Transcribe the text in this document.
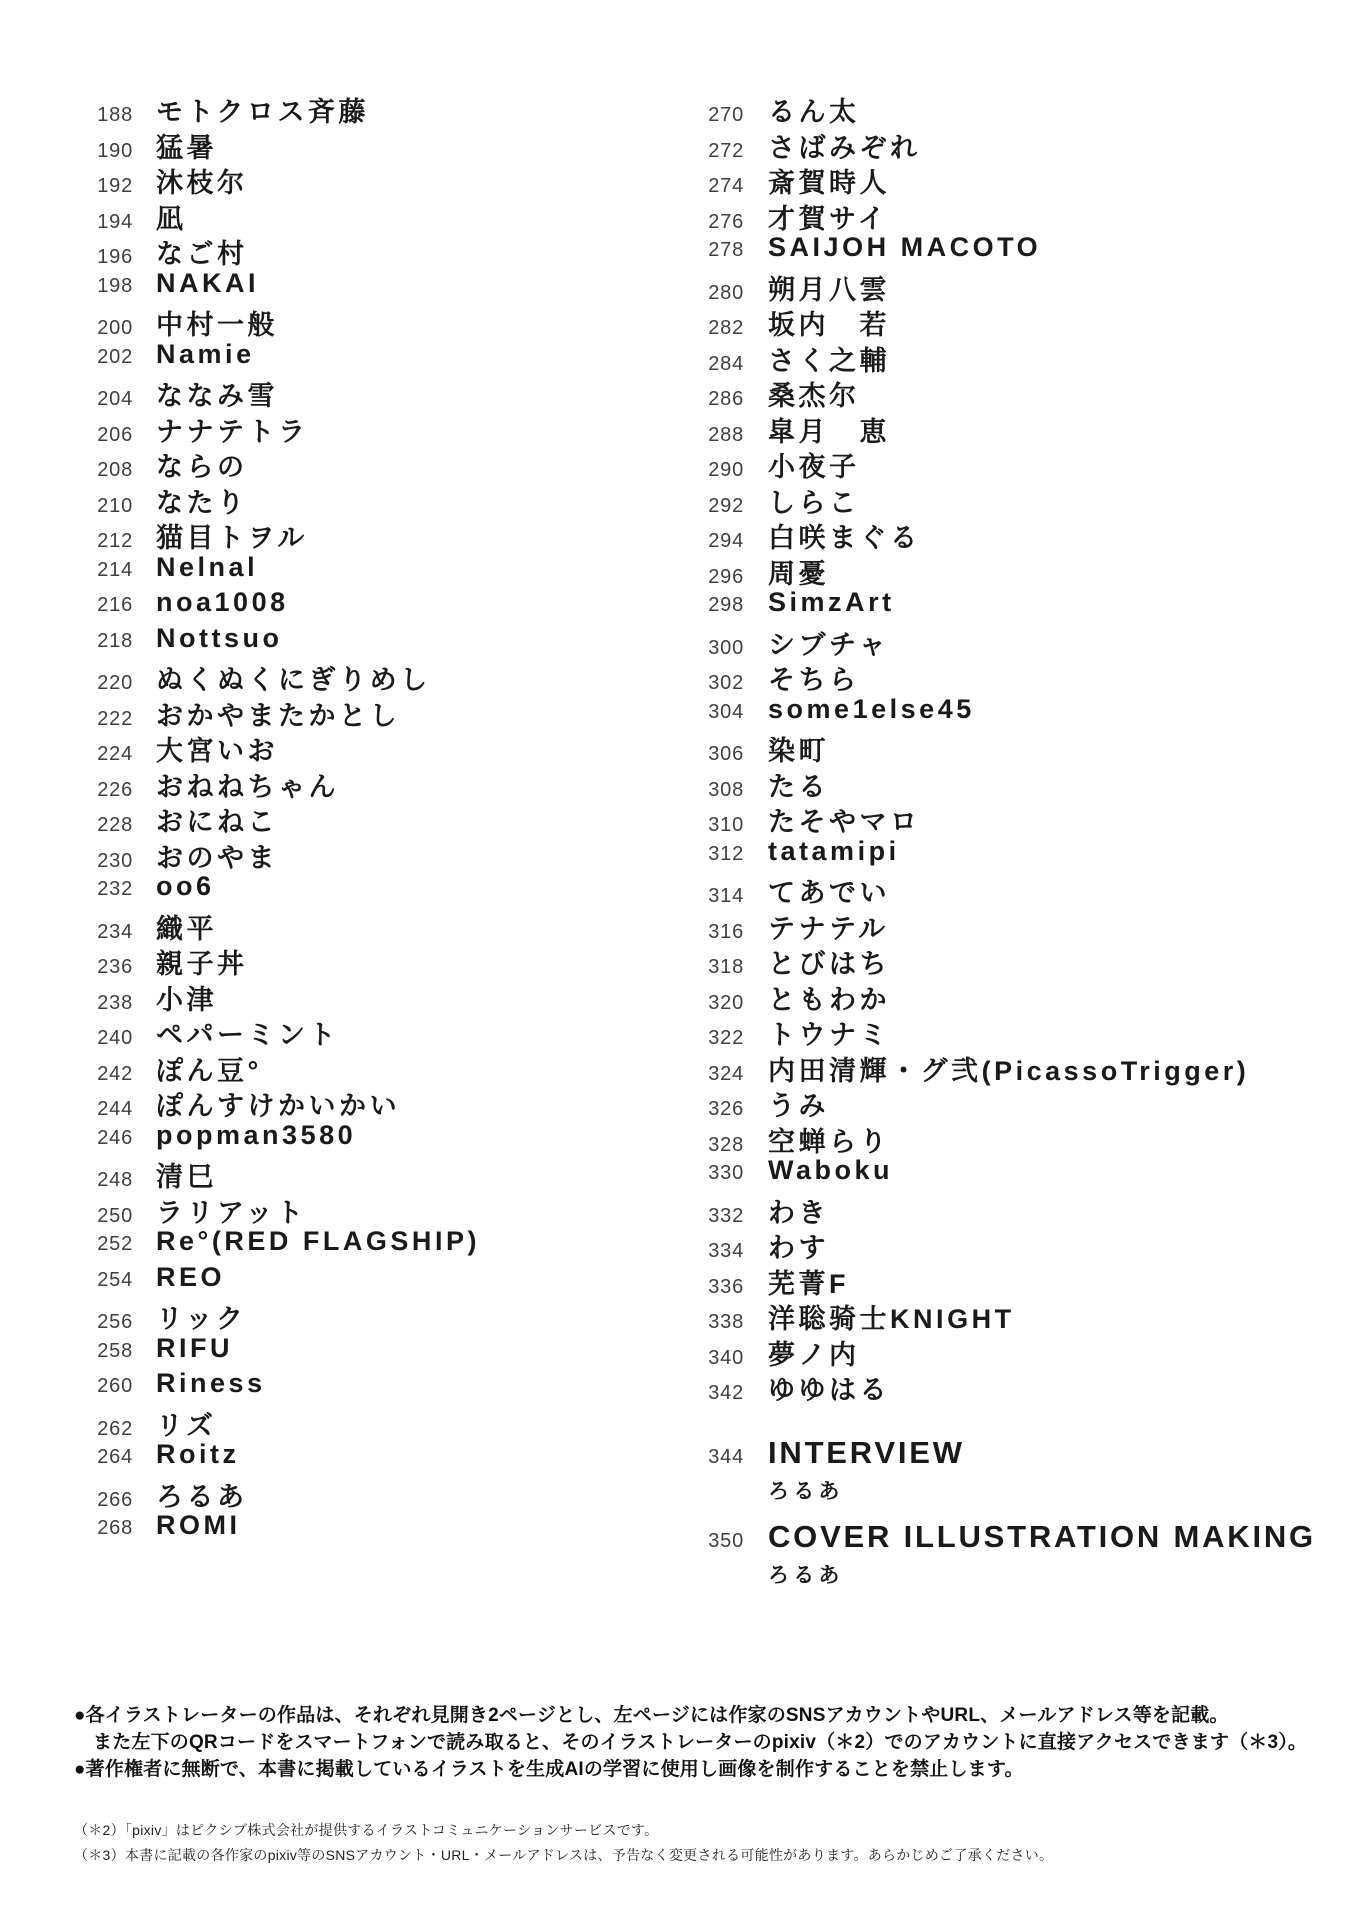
188 モトクロス斉藤
190 猛暑
192 沐枝尔
194 凪
196 なご村
198 NAKAI
200 中村一般
202 Namie
204 ななみ雪
206 ナナテトラ
208 ならの
210 なたり
212 猫目トヲル
214 Nelnal
216 noa1008
218 Nottsuo
220 ぬくぬくにぎりめし
222 おかやまたかとし
224 大宮いお
226 おねねちゃん
228 おにねこ
230 おのやま
232 oo6
234 織平
236 親子丼
238 小津
240 ペパーミント
242 ぽん豆°
244 ぽんすけかいかい
246 popman3580
248 清巳
250 ラリアット
252 Re°(RED FLAGSHIP)
254 REO
256 リック
258 RIFU
260 Riness
262 リズ
264 Roitz
266 ろるあ
268 ROMI
270 るん太
272 さばみぞれ
274 斎賀時人
276 才賀サイ
278 SAIJOH MACOTO
280 朔月八雲
282 坂内　若
284 さく之輔
286 桑杰尔
288 皐月　恵
290 小夜子
292 しらこ
294 白咲まぐる
296 周憂
298 SimzArt
300 シブチャ
302 そちら
304 some1else45
306 染町
308 たる
310 たそやマロ
312 tatamipi
314 てあでい
316 テナテル
318 とびはち
320 ともわか
322 トウナミ
324 内田清輝・グ弐(PicassoTrigger)
326 うみ
328 空蝉らり
330 Waboku
332 わき
334 わす
336 芜菁F
338 洋聡骑士KNIGHT
340 夢ノ内
342 ゆゆはる
344 INTERVIEW
ろるあ
350 COVER ILLUSTRATION MAKING
ろるあ
●各イラストレーターの作品は、それぞれ見開き2ページとし、左ページには作家のSNSアカウントやURL、メールアドレス等を記載。
また左下のQRコードをスマートフォンで読み取ると、そのイラストレーターのpixiv（＊2）でのアカウントに直接アクセスできます（＊3）。
●著作権者に無断で、本書に掲載しているイラストを生成AIの学習に使用し画像を制作することを禁止します。
（＊2）「pixiv」はピクシブ株式会社が提供するイラストコミュニケーションサービスです。
（＊3）本書に記載の各作家のpixiv等のSNSアカウント・URL・メールアドレスは、予告なく変更される可能性があります。あらかじめご了承ください。
